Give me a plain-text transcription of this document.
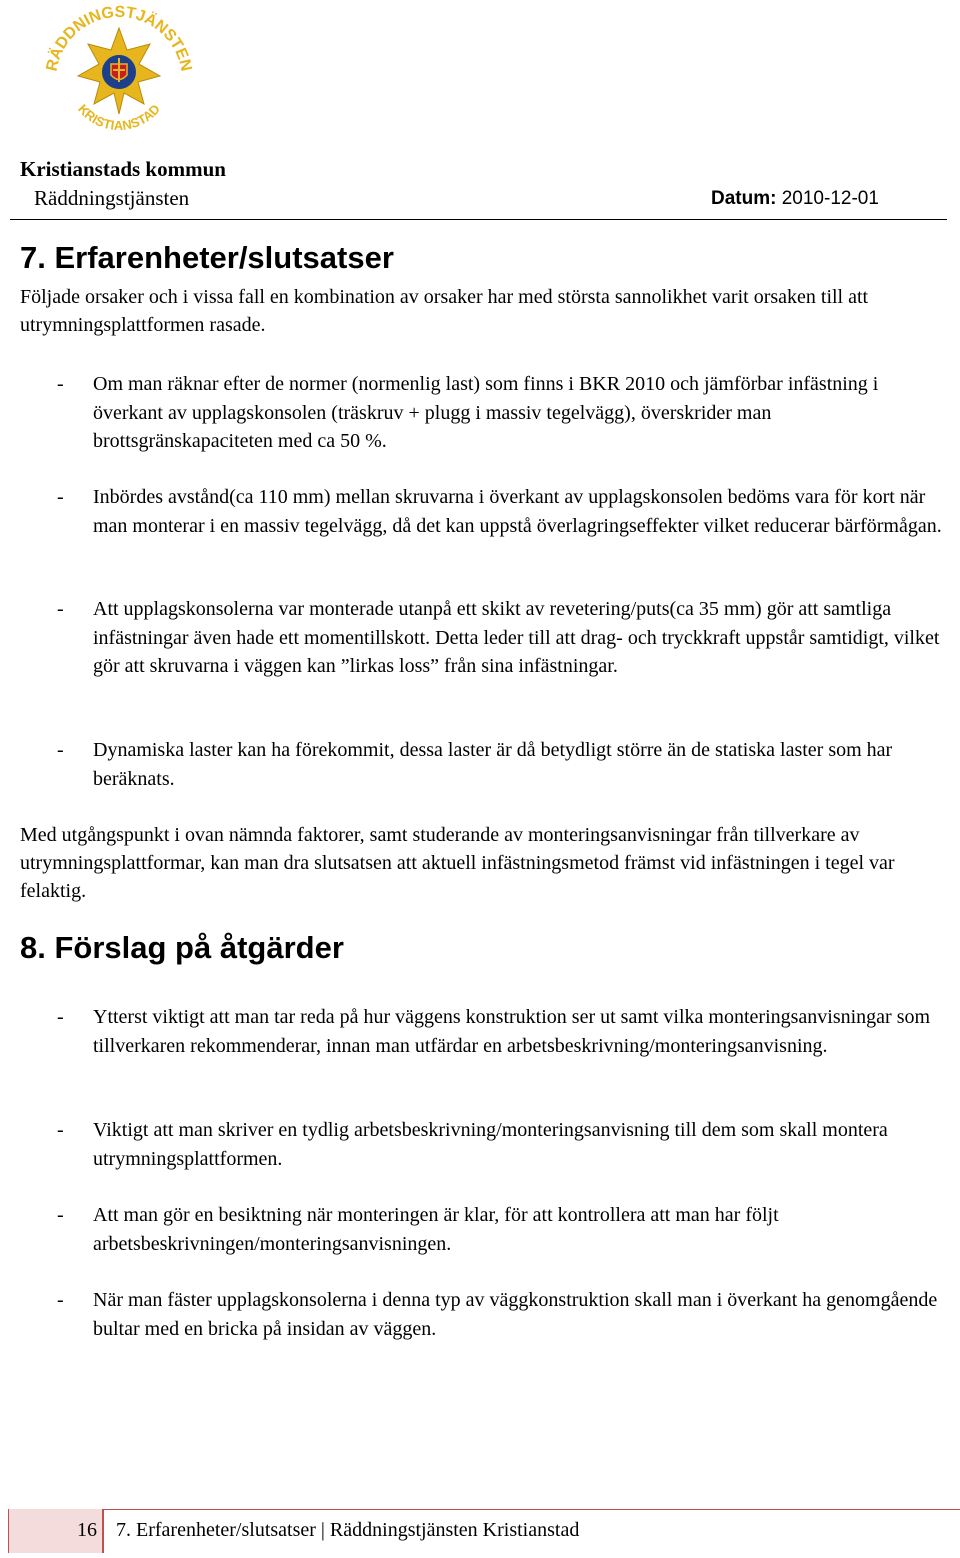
RÄDDNINGSTJÄNSTEN
KRISTIANSTAD
Kristianstads kommun
Räddningstjänsten	Datum: 2010-12-01
7. Erfarenheter/slutsatser

Följade orsaker och i vissa fall en kombination av orsaker har med största sannolikhet varit orsaken till att utrymningsplattformen rasade.

- Om man räknar efter de normer (normenlig last) som finns i BKR 2010 och jämförbar infästning i överkant av upplagskonsolen (träskruv + plugg i massiv tegelvägg), överskrider man brottsgränskapaciteten med ca 50 %.
- Inbördes avstånd(ca 110 mm) mellan skruvarna i överkant av upplagskonsolen bedöms vara för kort när man monterar i en massiv tegelvägg, då det kan uppstå överlagringseffekter vilket reducerar bärförmågan.
- Att upplagskonsolerna var monterade utanpå ett skikt av revetering/puts(ca 35 mm) gör att samtliga infästningar även hade ett momentillskott. Detta leder till att drag- och tryckkraft uppstår samtidigt, vilket gör att skruvarna i väggen kan ”lirkas loss” från sina infästningar.
- Dynamiska laster kan ha förekommit, dessa laster är då betydligt större än de statiska laster som har beräknats.

Med utgångspunkt i ovan nämnda faktorer, samt studerande av monteringsanvisningar från tillverkare av utrymningsplattformar, kan man dra slutsatsen att aktuell infästningsmetod främst vid infästningen i tegel var felaktig.

8. Förslag på åtgärder
- Ytterst viktigt att man tar reda på hur väggens konstruktion ser ut samt vilka monteringsanvisningar som tillverkaren rekommenderar, innan man utfärdar en arbetsbeskrivning/monteringsanvisning.
- Viktigt att man skriver en tydlig arbetsbeskrivning/monteringsanvisning till dem som skall montera utrymningsplattformen.
- Att man gör en besiktning när monteringen är klar, för att kontrollera att man har följt arbetsbeskrivningen/monteringsanvisningen.
- När man fäster upplagskonsolerna i denna typ av väggkonstruktion skall man i överkant ha genomgående bultar med en bricka på insidan av väggen.
16 7. Erfarenheter/slutsatser | Räddningstjänsten Kristianstad
